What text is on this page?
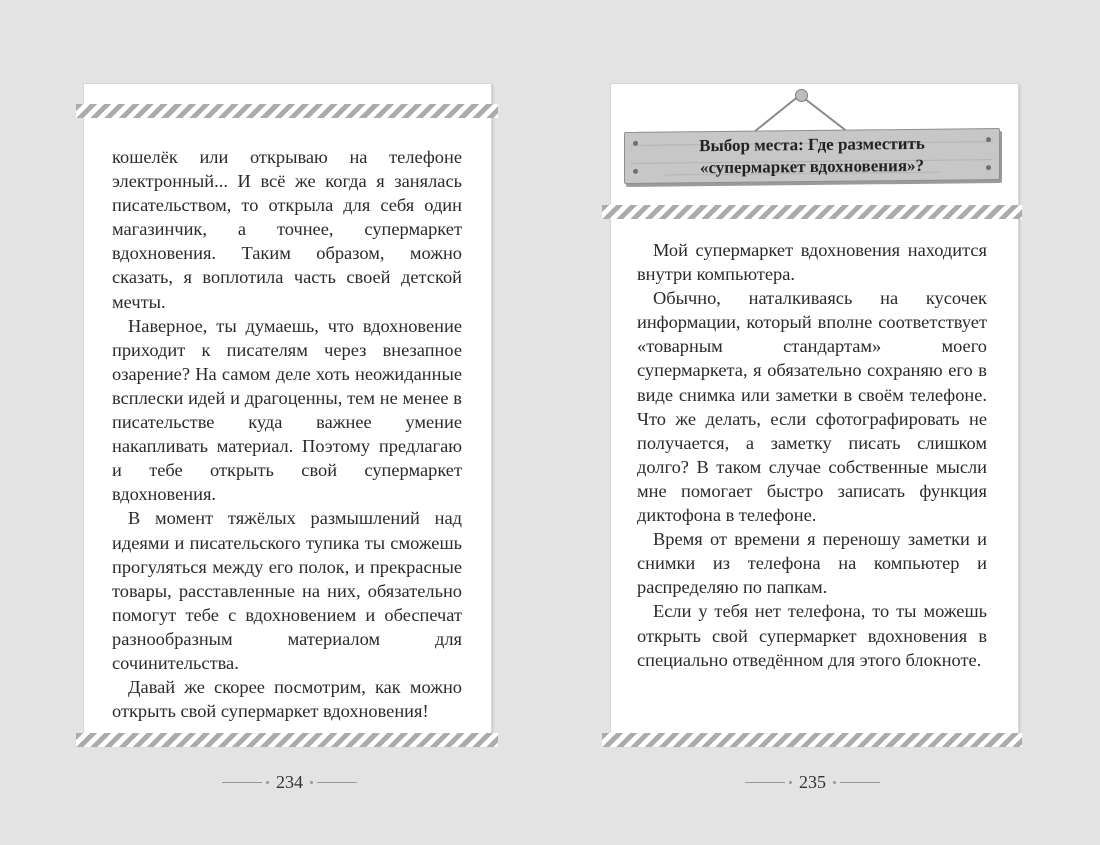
кошелёк или открываю на телефоне электронный... И всё же когда я занялась писательством, то открыла для себя один магазинчик, а точнее, супермаркет вдохновения. Таким образом, можно сказать, я воплотила часть своей детской мечты.

Наверное, ты думаешь, что вдохновение приходит к писателям через внезапное озарение? На самом деле хоть неожиданные всплески идей и драгоценны, тем не менее в писательстве куда важнее умение накапливать материал. Поэтому предлагаю и тебе открыть свой супермаркет вдохновения.

В момент тяжёлых размышлений над идеями и писательского тупика ты сможешь прогуляться между его полок, и прекрасные товары, расставленные на них, обязательно помогут тебе с вдохновением и обеспечат разнообразным материалом для сочинительства.

Давай же скорее посмотрим, как можно открыть свой супермаркет вдохновения!

234
Выбор места: Где разместить
«супермаркет вдохновения»?

Мой супермаркет вдохновения находится внутри компьютера.

Обычно, наталкиваясь на кусочек информации, который вполне соответствует «товарным стандартам» моего супермаркета, я обязательно сохраняю его в виде снимка или заметки в своём телефоне. Что же делать, если сфотографировать не получается, а заметку писать слишком долго? В таком случае собственные мысли мне помогает быстро записать функция диктофона в телефоне.

Время от времени я переношу заметки и снимки из телефона на компьютер и распределяю по папкам.

Если у тебя нет телефона, то ты можешь открыть свой супермаркет вдохновения в специально отведённом для этого блокноте.

235
